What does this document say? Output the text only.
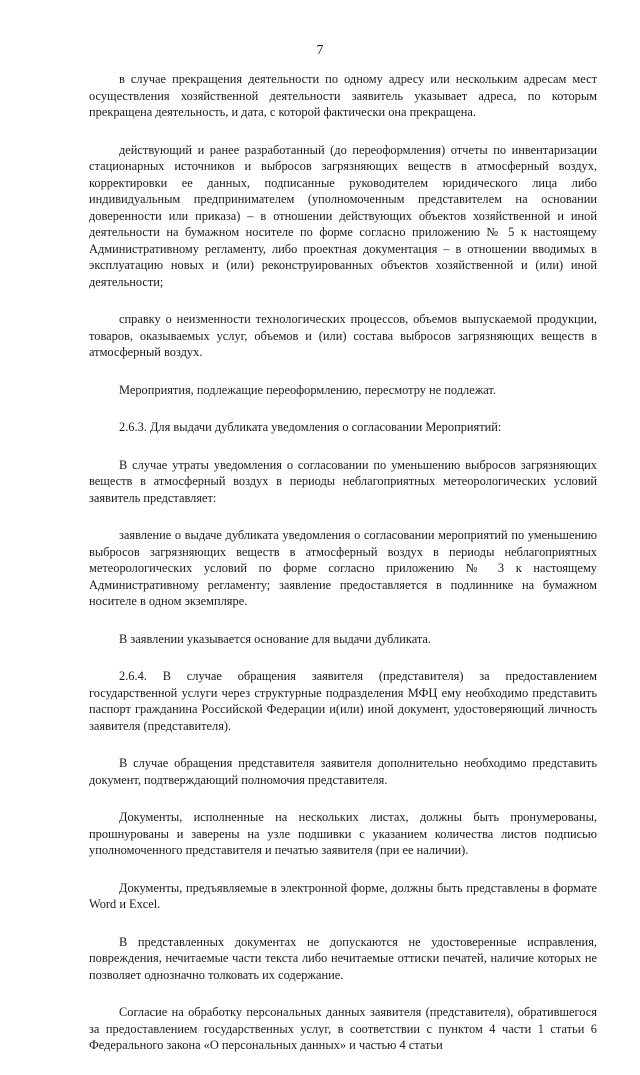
7

в случае прекращения деятельности по одному адресу или нескольким адресам мест осуществления хозяйственной деятельности заявитель указывает адреса, по которым прекращена деятельность, и дата, с которой фактически она прекращена.

действующий и ранее разработанный (до переоформления) отчеты по инвентаризации стационарных источников и выбросов загрязняющих веществ в атмосферный воздух, корректировки ее данных, подписанные руководителем юридического лица либо индивидуальным предпринимателем (уполномоченным представителем на основании доверенности или приказа) – в отношении действующих объектов хозяйственной и иной деятельности на бумажном носителе по форме согласно приложению № 5 к настоящему Административному регламенту, либо проектная документация – в отношении вводимых в эксплуатацию новых и (или) реконструированных объектов хозяйственной и (или) иной деятельности;

справку о неизменности технологических процессов, объемов выпускаемой продукции, товаров, оказываемых услуг, объемов и (или) состава выбросов загрязняющих веществ в атмосферный воздух.

Мероприятия, подлежащие переоформлению, пересмотру не подлежат.

2.6.3. Для выдачи дубликата уведомления о согласовании Мероприятий:

В случае утраты уведомления о согласовании по уменьшению выбросов загрязняющих веществ в атмосферный воздух в периоды неблагоприятных метеорологических условий заявитель представляет:

заявление о выдаче дубликата уведомления о согласовании мероприятий по уменьшению выбросов загрязняющих веществ в атмосферный воздух в периоды неблагоприятных метеорологических условий по форме согласно приложению № 3 к настоящему Административному регламенту; заявление предоставляется в подлиннике на бумажном носителе в одном экземпляре.

В заявлении указывается основание для выдачи дубликата.

2.6.4. В случае обращения заявителя (представителя) за предоставлением государственной услуги через структурные подразделения МФЦ ему необходимо представить паспорт гражданина Российской Федерации и(или) иной документ, удостоверяющий личность заявителя (представителя).

В случае обращения представителя заявителя дополнительно необходимо представить документ, подтверждающий полномочия представителя.

Документы, исполненные на нескольких листах, должны быть пронумерованы, прошнурованы и заверены на узле подшивки с указанием количества листов подписью уполномоченного представителя и печатью заявителя (при ее наличии).

Документы, предъявляемые в электронной форме, должны быть представлены в формате Word и Excel.

В представленных документах не допускаются не удостоверенные исправления, повреждения, нечитаемые части текста либо нечитаемые оттиски печатей, наличие которых не позволяет однозначно толковать их содержание.

Согласие на обработку персональных данных заявителя (представителя), обратившегося за предоставлением государственных услуг, в соответствии с пунктом 4 части 1 статьи 6 Федерального закона «О персональных данных» и частью 4 статьи
